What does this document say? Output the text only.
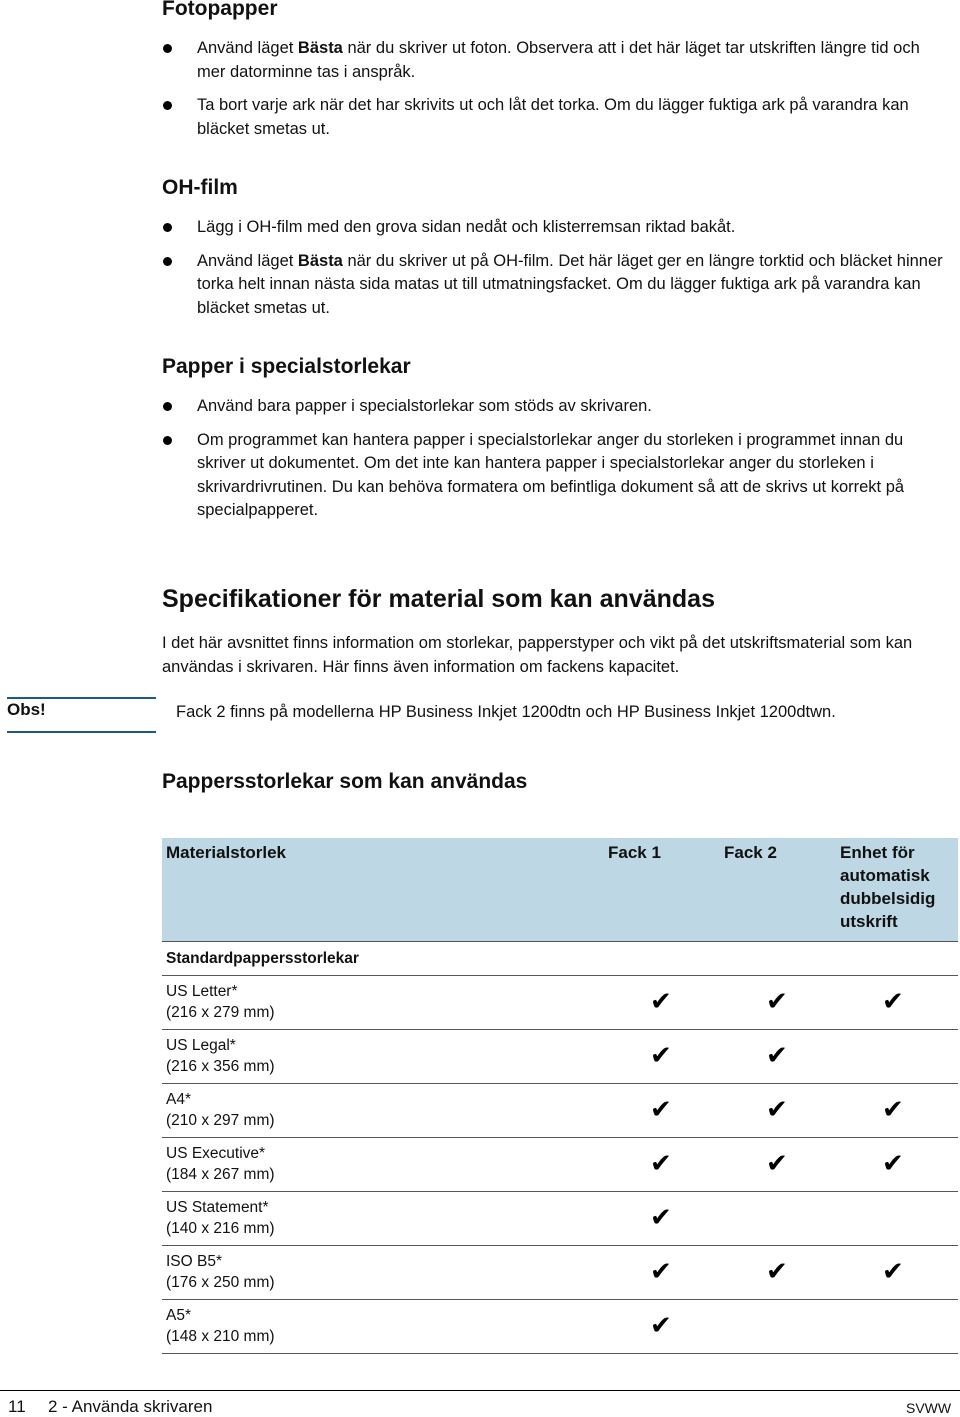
Fotopapper
Använd läget Bästa när du skriver ut foton. Observera att i det här läget tar utskriften längre tid och mer datorminne tas i anspråk.
Ta bort varje ark när det har skrivits ut och låt det torka. Om du lägger fuktiga ark på varandra kan bläcket smetas ut.
OH-film
Lägg i OH-film med den grova sidan nedåt och klisterremsan riktad bakåt.
Använd läget Bästa när du skriver ut på OH-film. Det här läget ger en längre torktid och bläcket hinner torka helt innan nästa sida matas ut till utmatningsfacket. Om du lägger fuktiga ark på varandra kan bläcket smetas ut.
Papper i specialstorlekar
Använd bara papper i specialstorlekar som stöds av skrivaren.
Om programmet kan hantera papper i specialstorlekar anger du storleken i programmet innan du skriver ut dokumentet. Om det inte kan hantera papper i specialstorlekar anger du storleken i skrivardrivrutinen. Du kan behöva formatera om befintliga dokument så att de skrivs ut korrekt på specialpapperet.
Specifikationer för material som kan användas
I det här avsnittet finns information om storlekar, papperstyper och vikt på det utskriftsmaterial som kan användas i skrivaren. Här finns även information om fackens kapacitet.
Obs!	Fack 2 finns på modellerna HP Business Inkjet 1200dtn och HP Business Inkjet 1200dtwn.
Pappersstorlekar som kan användas
Materialstorlek	Fack 1	Fack 2	Enhet för automatisk dubbelsidig utskrift
Standardpappersstorlekar			

US Letter*
(216 x 279 mm)	✔	✔	✔

US Legal*
(216 x 356 mm)	✔	✔	

A4*
(210 x 297 mm)	✔	✔	✔

US Executive*
(184 x 267 mm)	✔	✔	✔

US Statement*
(140 x 216 mm)	✔		

ISO B5*
(176 x 250 mm)	✔	✔	✔

A5*
(148 x 210 mm)	✔		
11 2 - Använda skrivaren	SVWW
